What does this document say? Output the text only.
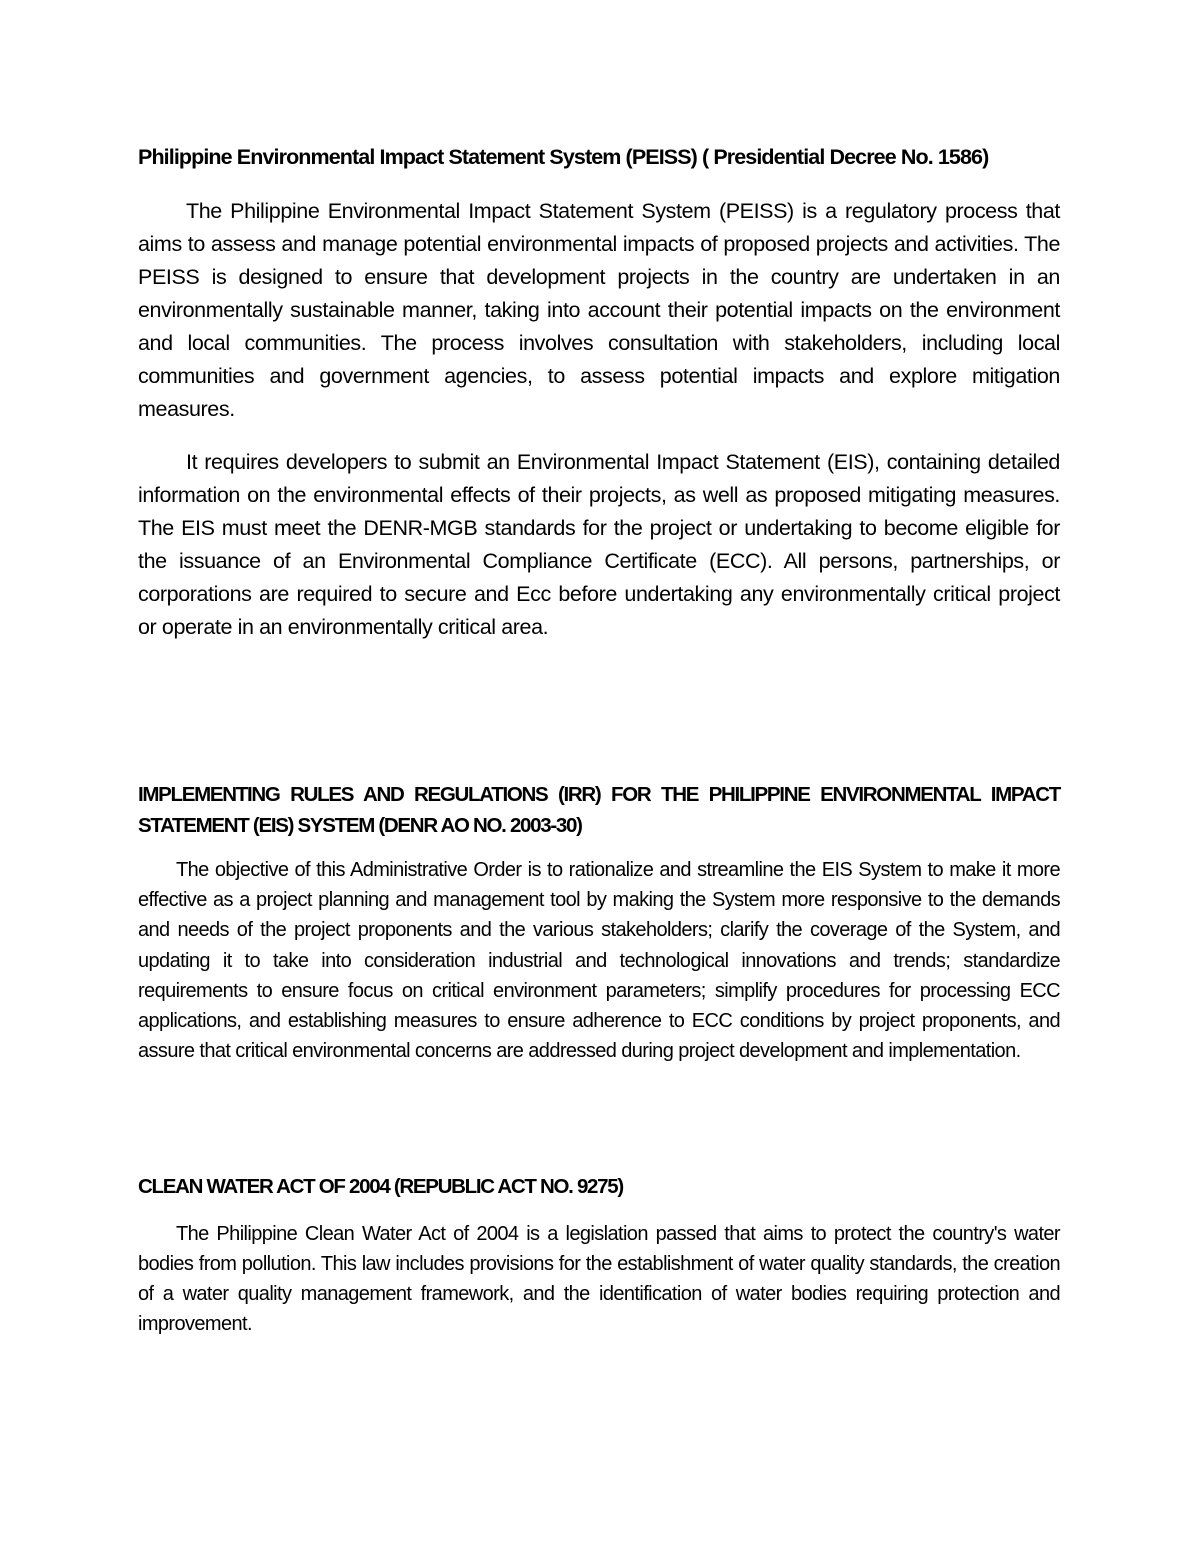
Philippine Environmental Impact Statement System (PEISS) ( Presidential Decree No. 1586)

The Philippine Environmental Impact Statement System (PEISS) is a regulatory process that aims to assess and manage potential environmental impacts of proposed projects and activities. The PEISS is designed to ensure that development projects in the country are undertaken in an environmentally sustainable manner, taking into account their potential impacts on the environment and local communities. The process involves consultation with stakeholders, including local communities and government agencies, to assess potential impacts and explore mitigation measures.

It requires developers to submit an Environmental Impact Statement (EIS), containing detailed information on the environmental effects of their projects, as well as proposed mitigating measures. The EIS must meet the DENR-MGB standards for the project or undertaking to become eligible for the issuance of an Environmental Compliance Certificate (ECC). All persons, partnerships, or corporations are required to secure and Ecc before undertaking any environmentally critical project or operate in an environmentally critical area.

IMPLEMENTING RULES AND REGULATIONS (IRR) FOR THE PHILIPPINE ENVIRONMENTAL IMPACT STATEMENT (EIS) SYSTEM (DENR AO NO. 2003-30)

The objective of this Administrative Order is to rationalize and streamline the EIS System to make it more effective as a project planning and management tool by making the System more responsive to the demands and needs of the project proponents and the various stakeholders; clarify the coverage of the System, and updating it to take into consideration industrial and technological innovations and trends; standardize requirements to ensure focus on critical environment parameters; simplify procedures for processing ECC applications, and establishing measures to ensure adherence to ECC conditions by project proponents, and assure that critical environmental concerns are addressed during project development and implementation.

CLEAN WATER ACT OF 2004 (REPUBLIC ACT NO. 9275)

The Philippine Clean Water Act of 2004 is a legislation passed that aims to protect the country's water bodies from pollution. This law includes provisions for the establishment of water quality standards, the creation of a water quality management framework, and the identification of water bodies requiring protection and improvement.
